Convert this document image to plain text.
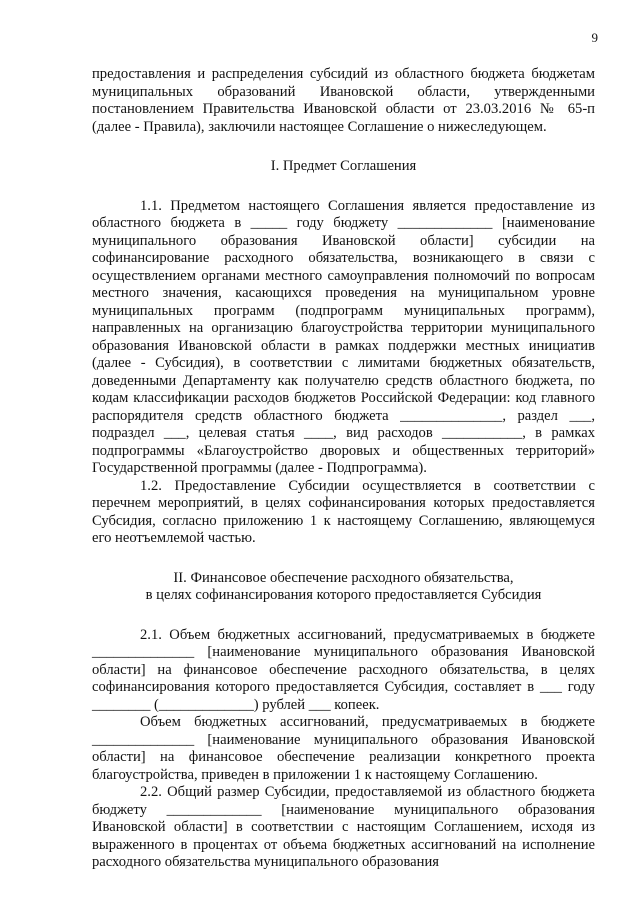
9

предоставления и распределения субсидий из областного бюджета бюджетам муниципальных образований Ивановской области, утвержденными постановлением Правительства Ивановской области от 23.03.2016 № 65-п (далее - Правила), заключили настоящее Соглашение о нижеследующем.

I. Предмет Соглашения

1.1. Предметом настоящего Соглашения является предоставление из областного бюджета в _____ году бюджету _____________ [наименование муниципального образования Ивановской области] субсидии на софинансирование расходного обязательства, возникающего в связи с осуществлением органами местного самоуправления полномочий по вопросам местного значения, касающихся проведения на муниципальном уровне муниципальных программ (подпрограмм муниципальных программ), направленных на организацию благоустройства территории муниципального образования Ивановской области в рамках поддержки местных инициатив (далее - Субсидия), в соответствии с лимитами бюджетных обязательств, доведенными Департаменту как получателю средств областного бюджета, по кодам классификации расходов бюджетов Российской Федерации: код главного распорядителя средств областного бюджета ______________, раздел ___, подраздел ___, целевая статья ____, вид расходов ___________, в рамках подпрограммы «Благоустройство дворовых и общественных территорий» Государственной программы (далее - Подпрограмма).

1.2. Предоставление Субсидии осуществляется в соответствии с перечнем мероприятий, в целях софинансирования которых предоставляется Субсидия, согласно приложению 1 к настоящему Соглашению, являющемуся его неотъемлемой частью.

II. Финансовое обеспечение расходного обязательства,

в целях софинансирования которого предоставляется Субсидия

2.1. Объем бюджетных ассигнований, предусматриваемых в бюджете ______________ [наименование муниципального образования Ивановской области] на финансовое обеспечение расходного обязательства, в целях софинансирования которого предоставляется Субсидия, составляет в ___ году ________ (_____________) рублей ___ копеек.

Объем бюджетных ассигнований, предусматриваемых в бюджете ______________ [наименование муниципального образования Ивановской области] на финансовое обеспечение реализации конкретного проекта благоустройства, приведен в приложении 1 к настоящему Соглашению.

2.2. Общий размер Субсидии, предоставляемой из областного бюджета бюджету _____________ [наименование муниципального образования Ивановской области] в соответствии с настоящим Соглашением, исходя из выраженного в процентах от объема бюджетных ассигнований на исполнение расходного обязательства муниципального образования
